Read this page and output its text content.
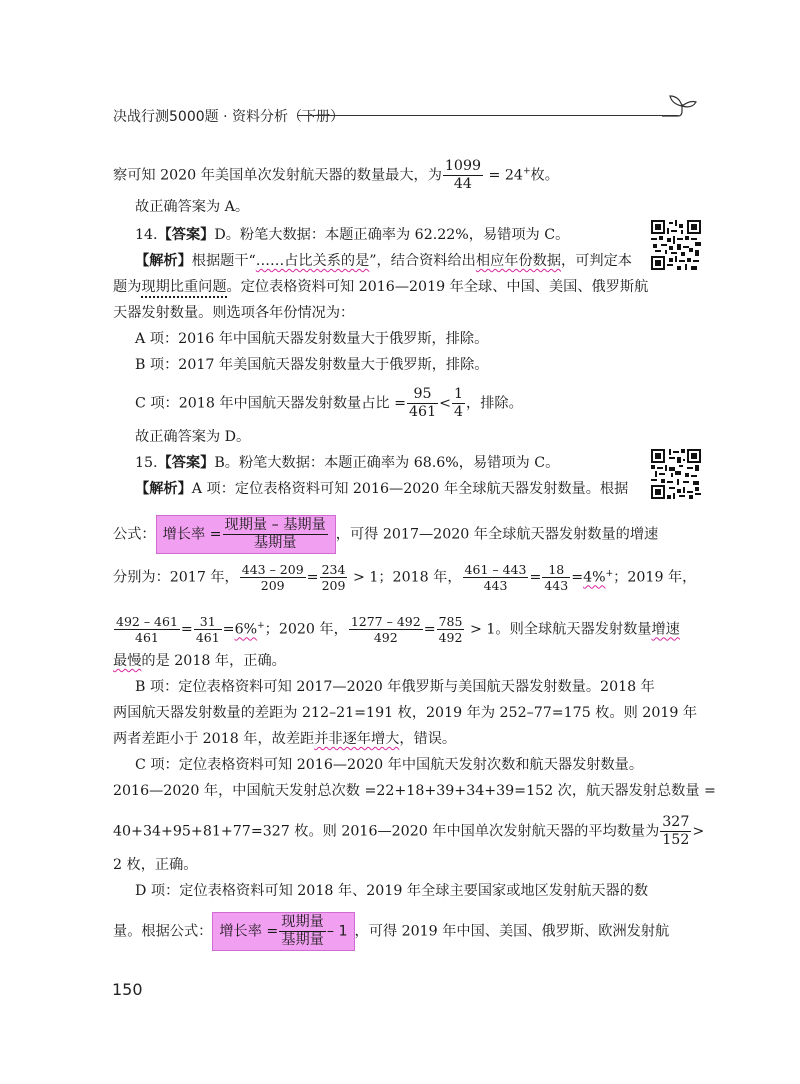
决战行测5000题 · 资料分析（下册）
察可知 2020 年美国单次发射航天器的数量最大，为 $\frac{1099}{44} = 24^+$枚。
故正确答案为 A。
14.【答案】D。粉笔大数据：本题正确率为 62.22%，易错项为 C。
【解析】根据题干“……占比关系的是”，结合资料给出相应年份数据，可判定本
题为现期比重问题。定位表格资料可知 2016—2019 年全球、中国、美国、俄罗斯航
天器发射数量。则选项各年份情况为：
A 项：2016 年中国航天器发射数量大于俄罗斯，排除。
B 项：2017 年美国航天器发射数量大于俄罗斯，排除。
C 项：2018 年中国航天器发射数量占比 = $\frac{95}{461} < \frac{1}{4}$ ，排除。
故正确答案为 D。
15.【答案】B。粉笔大数据：本题正确率为 68.6%，易错项为 C。
【解析】A 项：定位表格资料可知 2016—2020 年全球航天器发射数量。根据
公式： 增长率 = $\frac{\text{现期量 – 基期量}}{\text{基期量}}$ ，可得 2017—2020 年全球航天器发射数量的增速
分别为：2017 年， $\frac{443 - 209}{209} = \frac{234}{209} > 1$；2018 年， $\frac{461 - 443}{443} = \frac{18}{443} =4\%^+$；2019 年，
$\frac{492 - 461}{461} = \frac{31}{461} =6\%^+$；2020 年， $\frac{1277 - 492}{492} = \frac{785}{492} > 1$。则全球航天器发射数量增速
最慢的是 2018 年，正确。
B 项：定位表格资料可知 2017—2020 年俄罗斯与美国航天器发射数量。2018 年
两国航天器发射数量的差距为 212–21=191 枚，2019 年为 252–77=175 枚。则 2019 年
两者差距小于 2018 年，故差距并非逐年增大，错误。
C 项：定位表格资料可知 2016—2020 年中国航天发射次数和航天器发射数量。
2016—2020 年，中国航天发射总次数 =22+18+39+34+39=152 次，航天器发射总数量 =
40+34+95+81+77=327 枚。则 2016—2020 年中国单次发射航天器的平均数量为 $\frac{327}{152}$ >
2 枚，正确。
D 项：定位表格资料可知 2018 年、2019 年全球主要国家或地区发射航天器的数
量。根据公式： 增长率 = $\frac{\text{现期量}}{\text{基期量}} - 1$ ，可得 2019 年中国、美国、俄罗斯、欧洲发射航
150
